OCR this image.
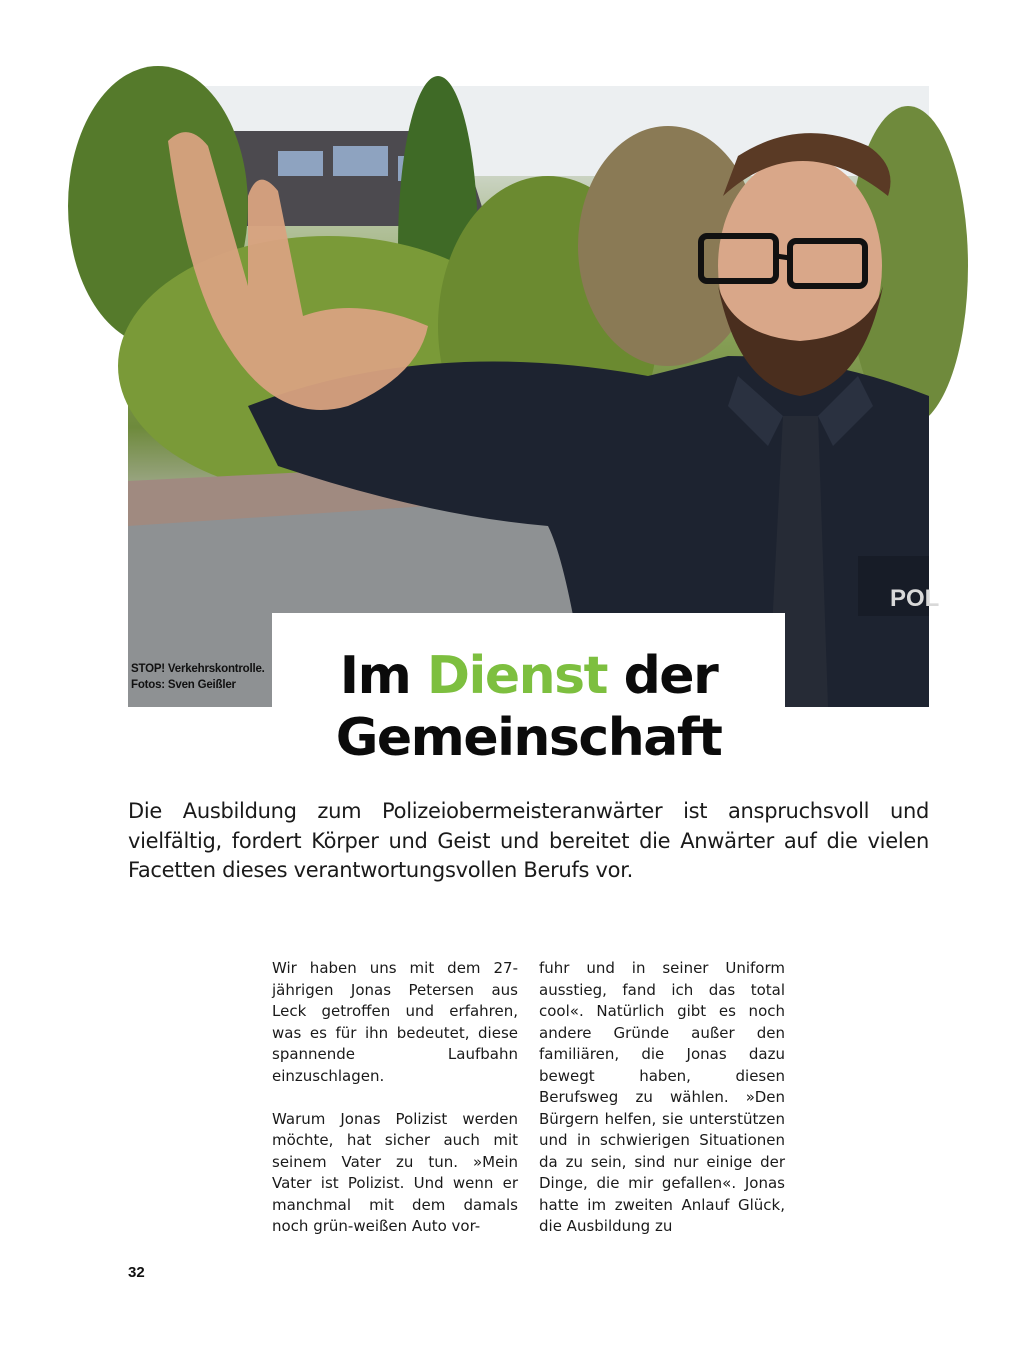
POL
STOP! Verkehrskontrolle.
Fotos: Sven Geißler	Im Dienst der
Gemeinschaft

Die Ausbildung zum Polizeiobermeisteranwärter ist anspruchsvoll und vielfältig, fordert Körper und Geist und bereitet die Anwärter auf die vielen Facetten dieses verantwortungsvollen Berufs vor.

Wir haben uns mit dem 27-jährigen Jonas Petersen aus Leck getroffen und erfahren, was es für ihn bedeutet, diese spannende Laufbahn einzuschlagen.

Warum Jonas Polizist werden möchte, hat sicher auch mit seinem Vater zu tun. »Mein Vater ist Polizist. Und wenn er manchmal mit dem damals noch grün-weißen Auto vor-

fuhr und in seiner Uniform ausstieg, fand ich das total cool«. Natürlich gibt es noch andere Gründe außer den familiären, die Jonas dazu bewegt haben, diesen Berufsweg zu wählen. »Den Bürgern helfen, sie unterstützen und in schwierigen Situationen da zu sein, sind nur einige der Dinge, die mir gefallen«. Jonas hatte im zweiten Anlauf Glück, die Ausbildung zu

32
